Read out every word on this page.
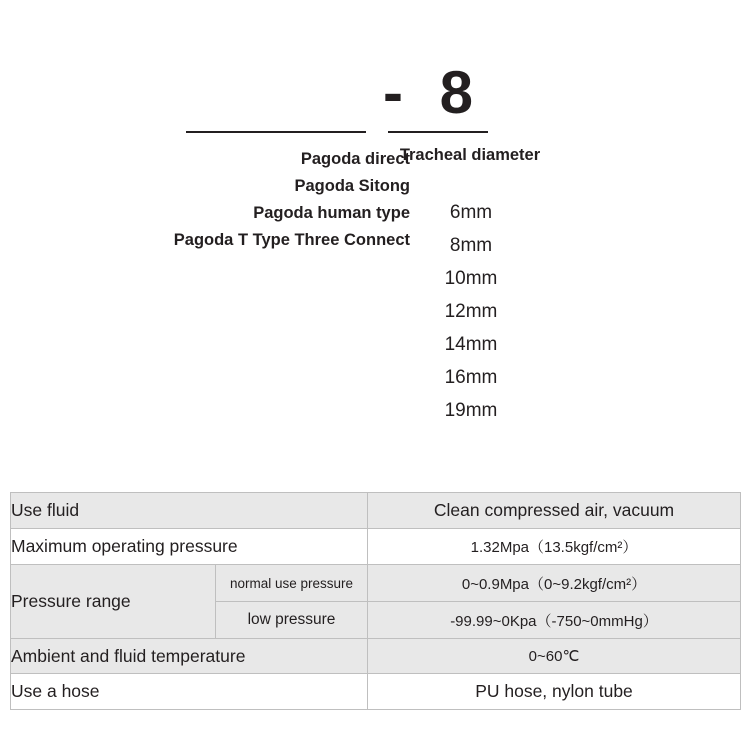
- 8
Pagoda direct
Pagoda Sitong
Pagoda human type
Pagoda T Type Three Connect
Tracheal diameter
6mm
8mm
10mm
12mm
14mm
16mm
19mm
Use fluid		Clean compressed air, vacuum
Maximum operating pressure		1.32Mpa（13.5kgf/cm²）
Pressure range	normal use pressure	0~0.9Mpa（0~9.2kgf/cm²）
	low pressure	-99.99~0Kpa（-750~0mmHg）
Ambient and fluid temperature		0~60℃
Use a hose		PU hose, nylon tube
